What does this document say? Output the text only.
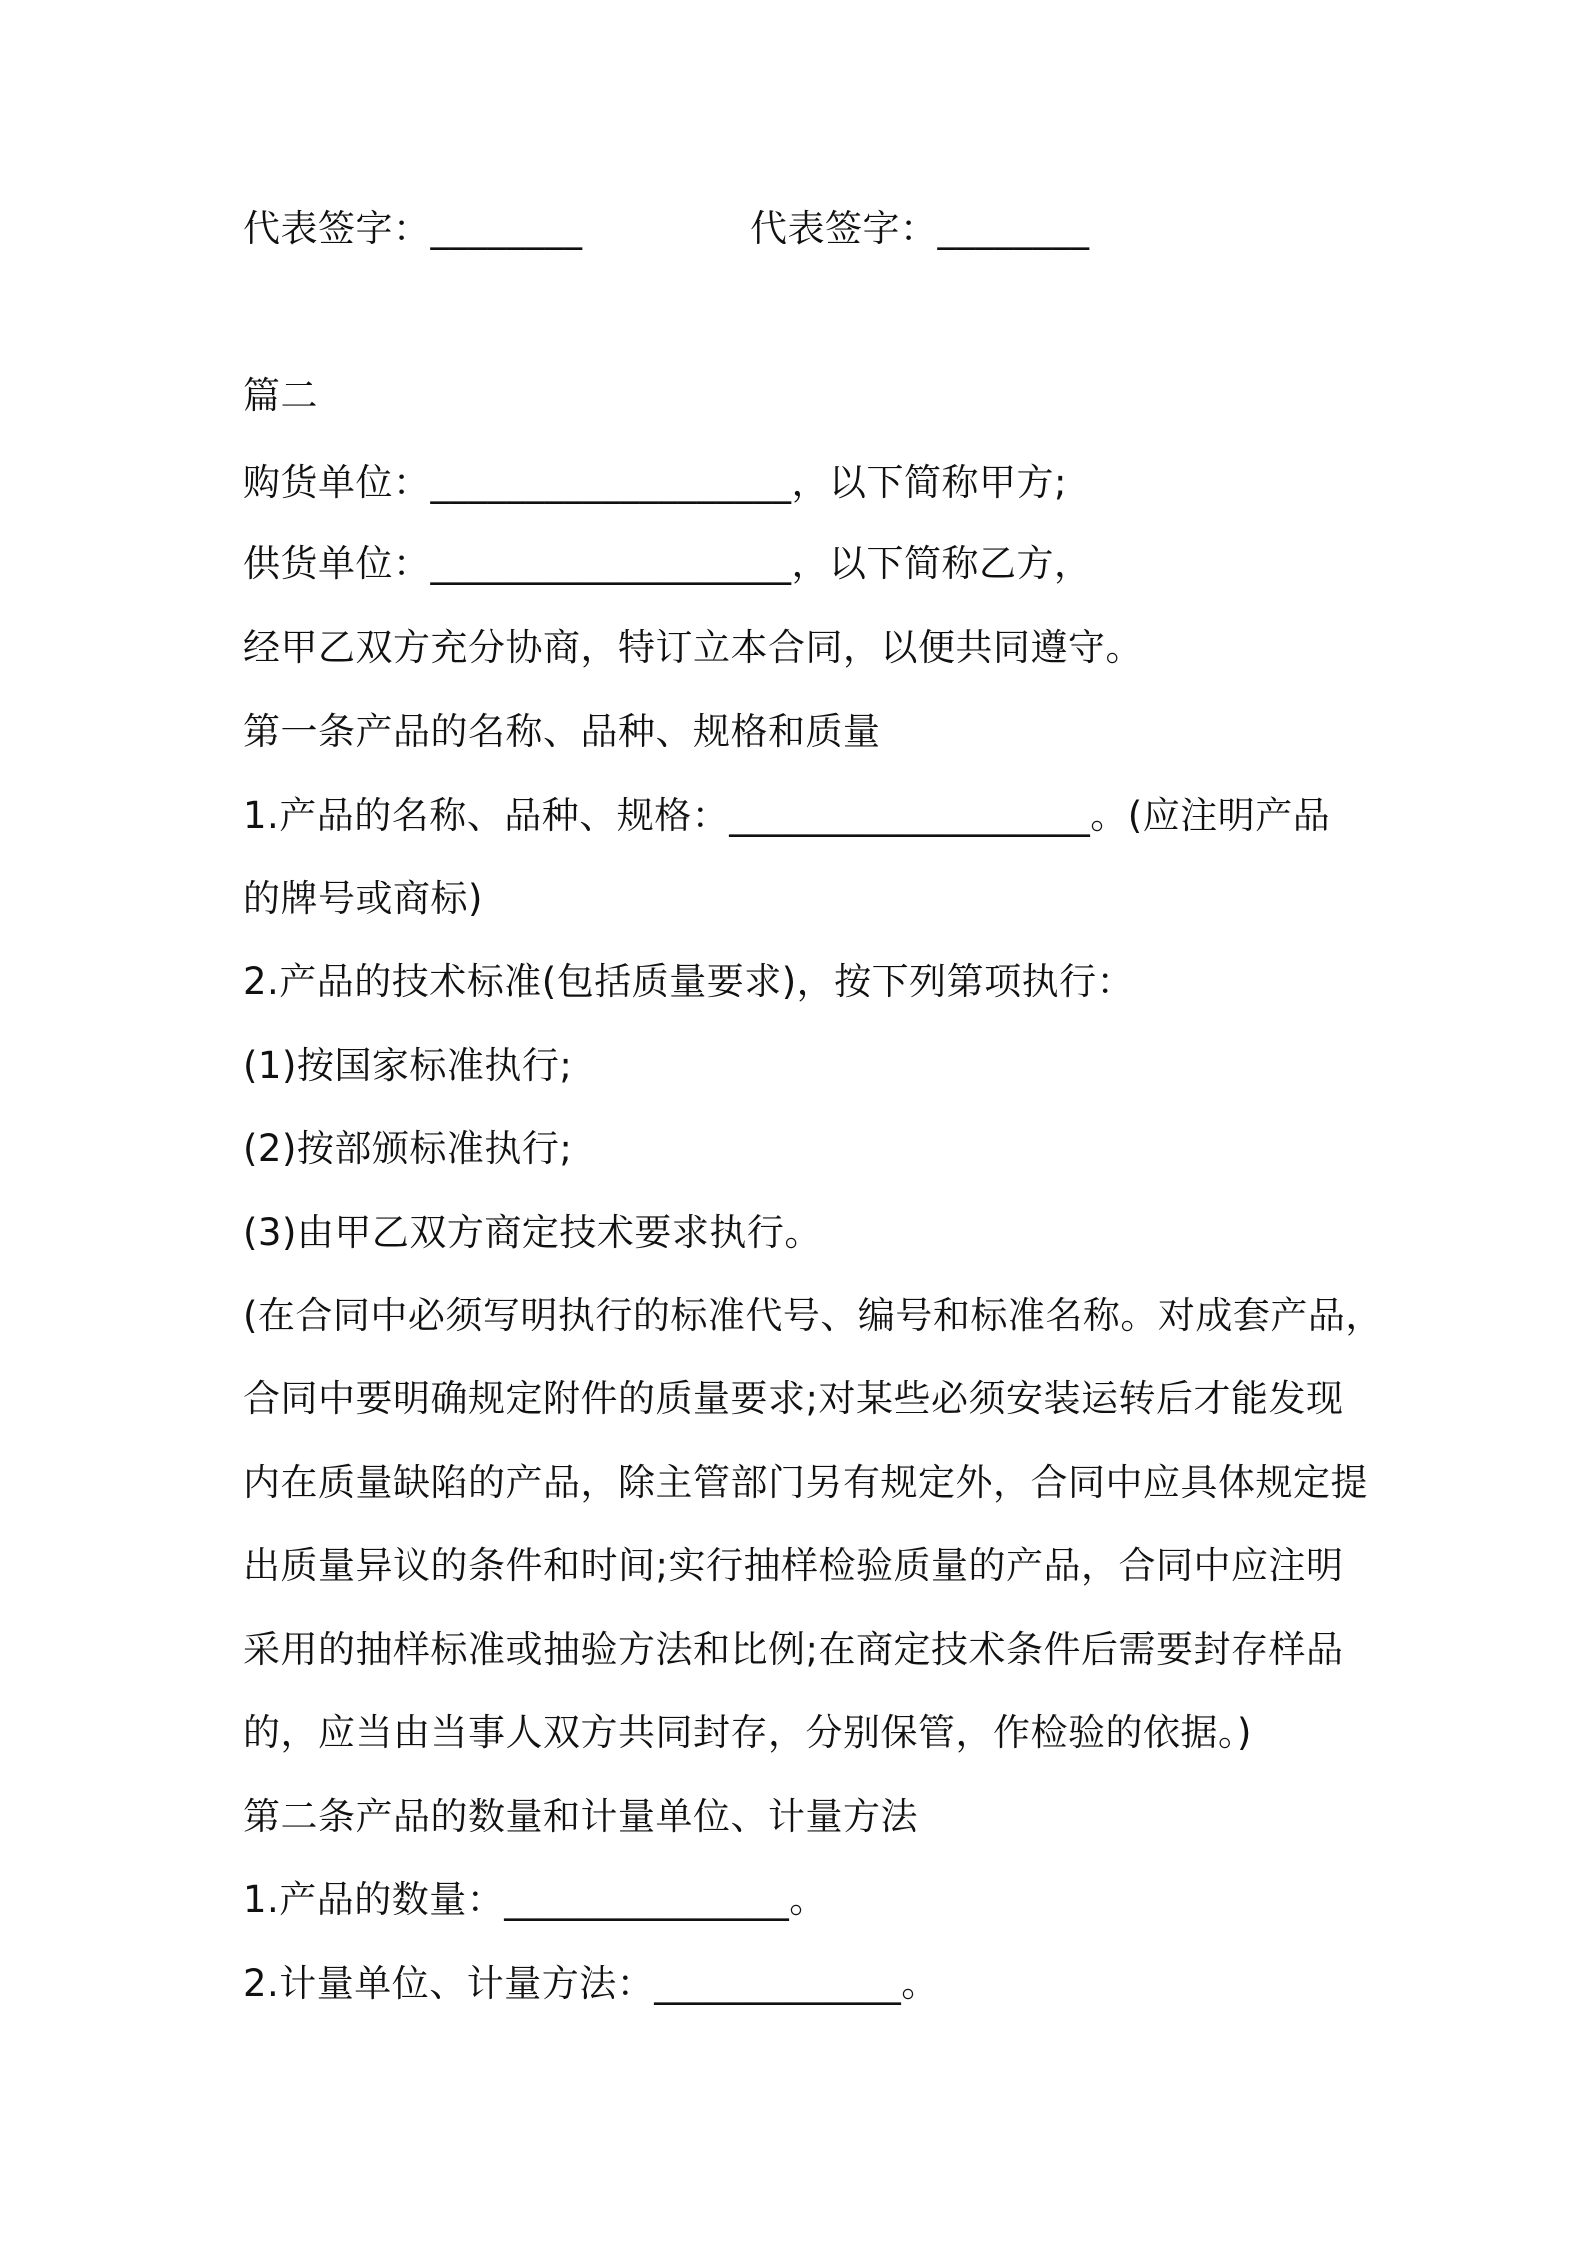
代表签字：________	代表签字：________
篇二
购货单位：___________________，以下简称甲方;
供货单位：___________________，以下简称乙方，
经甲乙双方充分协商，特订立本合同，以便共同遵守。
第一条产品的名称、品种、规格和质量
1.产品的名称、品种、规格：___________________。(应注明产品
的牌号或商标)
2.产品的技术标准(包括质量要求)，按下列第项执行：
(1)按国家标准执行;
(2)按部颁标准执行;
(3)由甲乙双方商定技术要求执行。
(在合同中必须写明执行的标准代号、编号和标准名称。对成套产品，
合同中要明确规定附件的质量要求;对某些必须安装运转后才能发现
内在质量缺陷的产品，除主管部门另有规定外，合同中应具体规定提
出质量异议的条件和时间;实行抽样检验质量的产品，合同中应注明
采用的抽样标准或抽验方法和比例;在商定技术条件后需要封存样品
的，应当由当事人双方共同封存，分别保管，作检验的依据。)
第二条产品的数量和计量单位、计量方法
1.产品的数量：_______________。
2.计量单位、计量方法：_____________。
